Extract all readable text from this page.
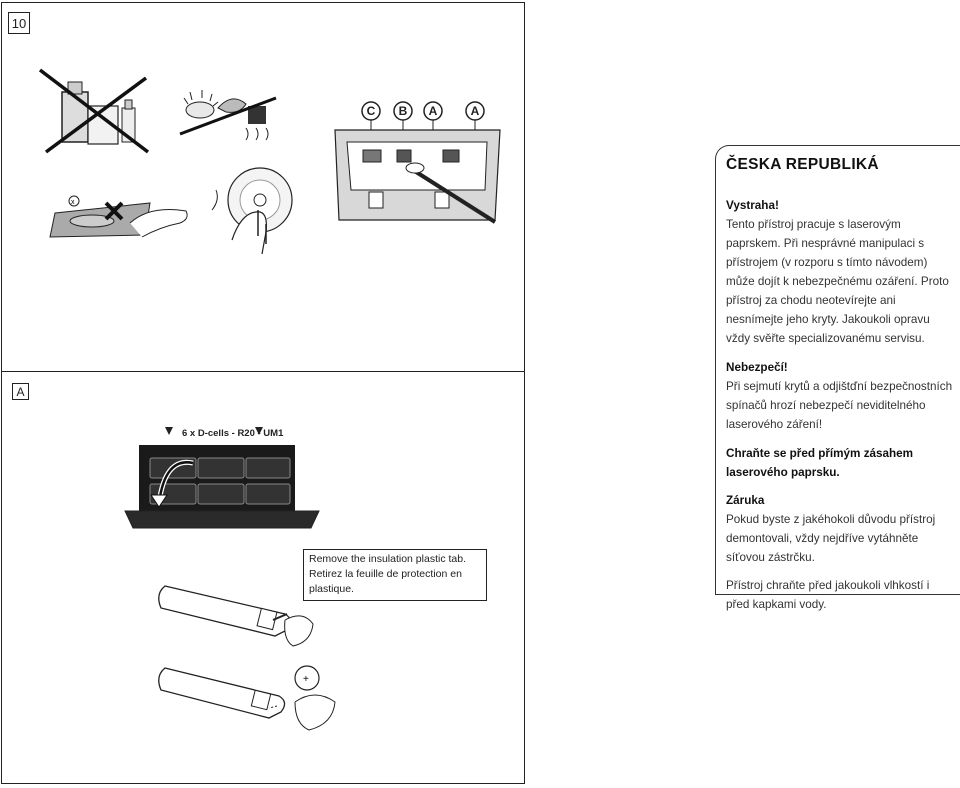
10
A
x
C B A	A
6 x D-cells - R20 - UM1
+

Remove the insulation plastic tab.

Retirez la feuille de protection en plastique.

ČESKA REPUBLIKÁ

Vystraha!

Tento přístroj pracuje s laserovým

paprskem. Při nesprávné manipulaci s

přístrojem (v rozporu s tímto návodem)

můźe dojít k nebezpečnému ozáření. Proto

přístroj za chodu neotevírejte ani

nesnímejte jeho kryty. Jakoukoli opravu

vždy svěřte specializovanému servisu.

Nebezpečí!

Při sejmutí krytů a odjištďní bezpečnostních

spínačů hrozí nebezpečí neviditelného

laserového záření!

Chraňte se před přímým zásahem

laserového paprsku.

Záruka

Pokud byste z jakéhokoli důvodu přístroj

demontovali, vždy nejdříve vytáhněte

síťovou zástrčku.

Přístroj chraňte před jakoukoli vlhkostí i

před kapkami vody.
